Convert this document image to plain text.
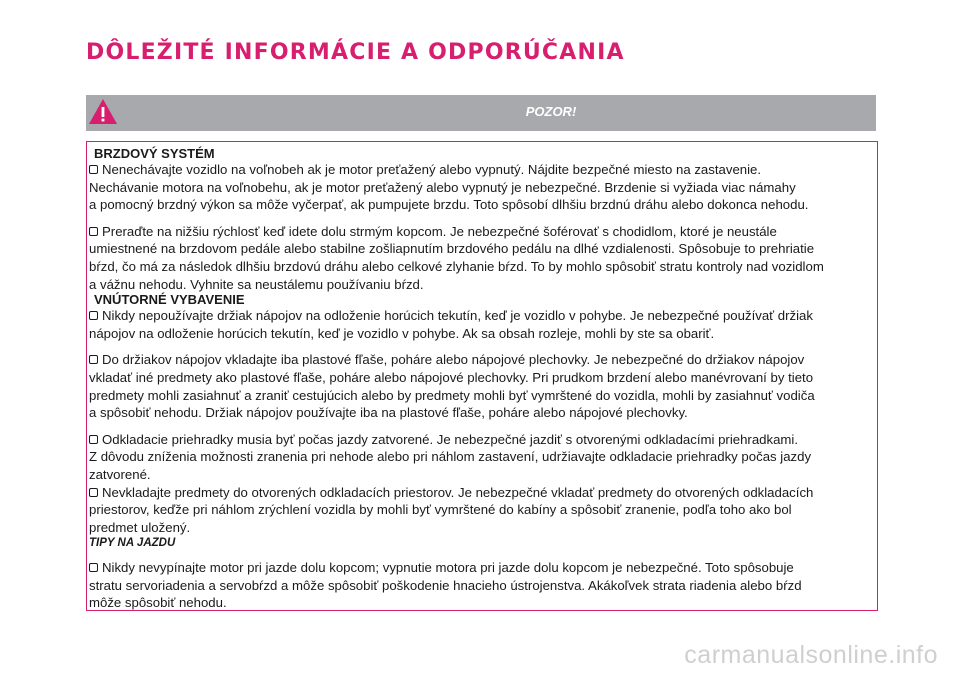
DÔLEŽITÉ INFORMÁCIE A ODPORÚČANIA
POZOR!
BRZDOVÝ SYSTÉM

Nenechávajte vozidlo na voľnobeh ak je motor preťažený alebo vypnutý. Nájdite bezpečné miesto na zastavenie.
Nechávanie motora na voľnobehu, ak je motor preťažený alebo vypnutý je nebezpečné. Brzdenie si vyžiada viac námahy
a pomocný brzdný výkon sa môže vyčerpať, ak pumpujete brzdu. Toto spôsobí dlhšiu brzdnú dráhu alebo dokonca nehodu.

Preraďte na nižšiu rýchlosť keď idete dolu strmým kopcom. Je nebezpečné šoférovať s chodidlom, ktoré je neustále
umiestnené na brzdovom pedále alebo stabilne zošliapnutím brzdového pedálu na dlhé vzdialenosti. Spôsobuje to prehriatie
bŕzd, čo má za následok dlhšiu brzdovú dráhu alebo celkové zlyhanie bŕzd. To by mohlo spôsobiť stratu kontroly nad vozidlom
a vážnu nehodu. Vyhnite sa neustálemu používaniu bŕzd.

VNÚTORNÉ VYBAVENIE

Nikdy nepoužívajte držiak nápojov na odloženie horúcich tekutín, keď je vozidlo v pohybe. Je nebezpečné používať držiak
nápojov na odloženie horúcich tekutín, keď je vozidlo v pohybe. Ak sa obsah rozleje, mohli by ste sa obariť.

Do držiakov nápojov vkladajte iba plastové fľaše, poháre alebo nápojové plechovky. Je nebezpečné do držiakov nápojov
vkladať iné predmety ako plastové fľaše, poháre alebo nápojové plechovky. Pri prudkom brzdení alebo manévrovaní by tieto
predmety mohli zasiahnuť a zraniť cestujúcich alebo by predmety mohli byť vymrštené do vozidla, mohli by zasiahnuť vodiča
a spôsobiť nehodu. Držiak nápojov používajte iba na plastové fľaše, poháre alebo nápojové plechovky.

Odkladacie priehradky musia byť počas jazdy zatvorené. Je nebezpečné jazdiť s otvorenými odkladacími priehradkami.
Z dôvodu zníženia možnosti zranenia pri nehode alebo pri náhlom zastavení, udržiavajte odkladacie priehradky počas jazdy
zatvorené.

Nevkladajte predmety do otvorených odkladacích priestorov. Je nebezpečné vkladať predmety do otvorených odkladacích
priestorov, keďže pri náhlom zrýchlení vozidla by mohli byť vymrštené do kabíny a spôsobiť zranenie, podľa toho ako bol
predmet uložený.

TIPY NA JAZDU

Nikdy nevypínajte motor pri jazde dolu kopcom; vypnutie motora pri jazde dolu kopcom je nebezpečné. Toto spôsobuje
stratu servoriadenia a servobŕzd a môže spôsobiť poškodenie hnacieho ústrojenstva. Akákoľvek strata riadenia alebo bŕzd
môže spôsobiť nehodu.

carmanualsonline.info
